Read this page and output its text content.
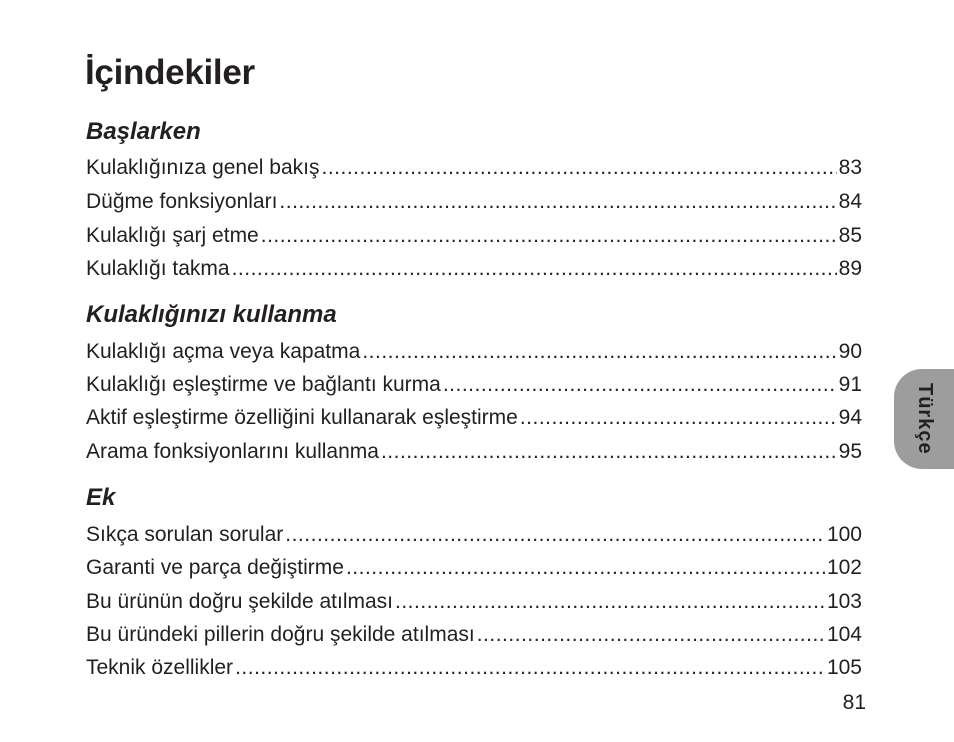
İçindekiler
Başlarken
Kulaklığınıza genel bakış .....	83
Düğme fonksiyonları .....	84
Kulaklığı şarj etme .....	85
Kulaklığı takma .....	89
Kulaklığınızı kullanma
Kulaklığı açma veya kapatma .....	90
Kulaklığı eşleştirme ve bağlantı kurma .....	91
Aktif eşleştirme özelliğini kullanarak eşleştirme .....	94
Arama fonksiyonlarını kullanma .....	95
Ek
Sıkça sorulan sorular .....	100
Garanti ve parça değiştirme .....	102
Bu ürünün doğru şekilde atılması .....	103
Bu üründeki pillerin doğru şekilde atılması .....	104
Teknik özellikler .....	105
Türkçe
81
